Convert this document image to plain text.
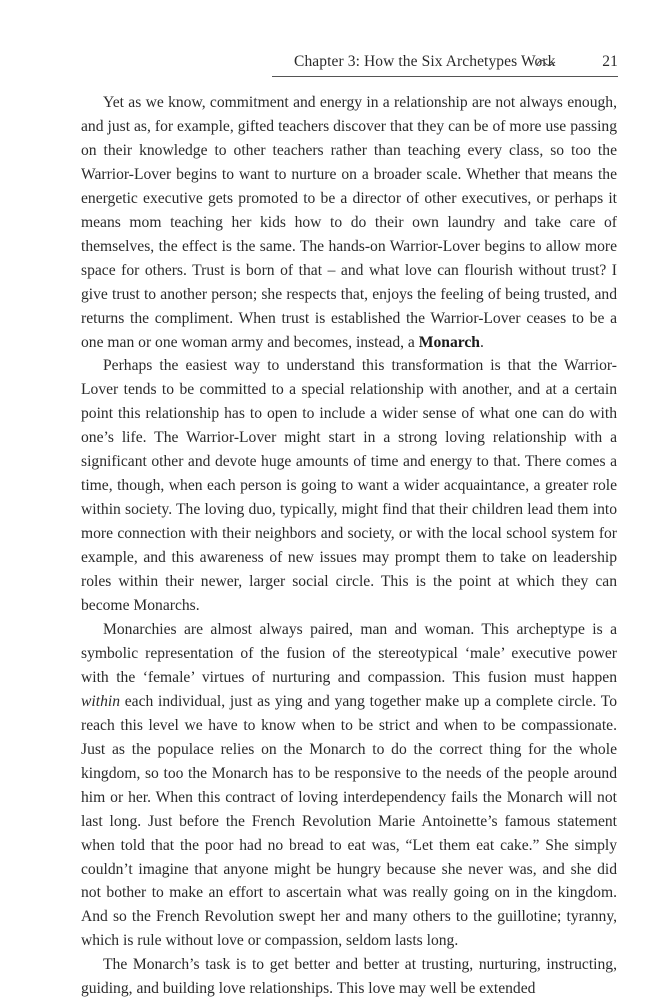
Chapter 3: How the Six Archetypes Work	21

Yet as we know, commitment and energy in a relationship are not always enough, and just as, for example, gifted teachers discover that they can be of more use passing on their knowledge to other teachers rather than teaching every class, so too the Warrior-Lover begins to want to nurture on a broader scale. Whether that means the energetic executive gets promoted to be a director of other executives, or perhaps it means mom teaching her kids how to do their own laundry and take care of themselves, the effect is the same. The hands-on Warrior-Lover begins to allow more space for others. Trust is born of that – and what love can flourish without trust? I give trust to another person; she respects that, enjoys the feeling of being trusted, and returns the compliment. When trust is established the Warrior-Lover ceases to be a one man or one woman army and becomes, instead, a Monarch.

Perhaps the easiest way to understand this transformation is that the Warrior-Lover tends to be committed to a special relationship with another, and at a certain point this relationship has to open to include a wider sense of what one can do with one’s life. The Warrior-Lover might start in a strong loving relationship with a significant other and devote huge amounts of time and energy to that. There comes a time, though, when each person is going to want a wider acquaintance, a greater role within society. The loving duo, typically, might find that their children lead them into more connection with their neighbors and society, or with the local school system for example, and this awareness of new issues may prompt them to take on leadership roles within their newer, larger social circle. This is the point at which they can become Monarchs.

Monarchies are almost always paired, man and woman. This archeptype is a symbolic representation of the fusion of the stereotypical ‘male’ executive power with the ‘female’ virtues of nurturing and compassion. This fusion must happen within each individual, just as ying and yang together make up a complete circle. To reach this level we have to know when to be strict and when to be compassionate. Just as the populace relies on the Monarch to do the correct thing for the whole kingdom, so too the Monarch has to be responsive to the needs of the people around him or her. When this contract of loving interdependency fails the Monarch will not last long. Just before the French Revolution Marie Antoinette’s famous statement when told that the poor had no bread to eat was, “Let them eat cake.” She simply couldn’t imagine that anyone might be hungry because she never was, and she did not bother to make an effort to ascertain what was really going on in the kingdom. And so the French Revolution swept her and many others to the guillotine; tyranny, which is rule without love or compassion, seldom lasts long.

The Monarch’s task is to get better and better at trusting, nurturing, instructing, guiding, and building love relationships. This love may well be extended
